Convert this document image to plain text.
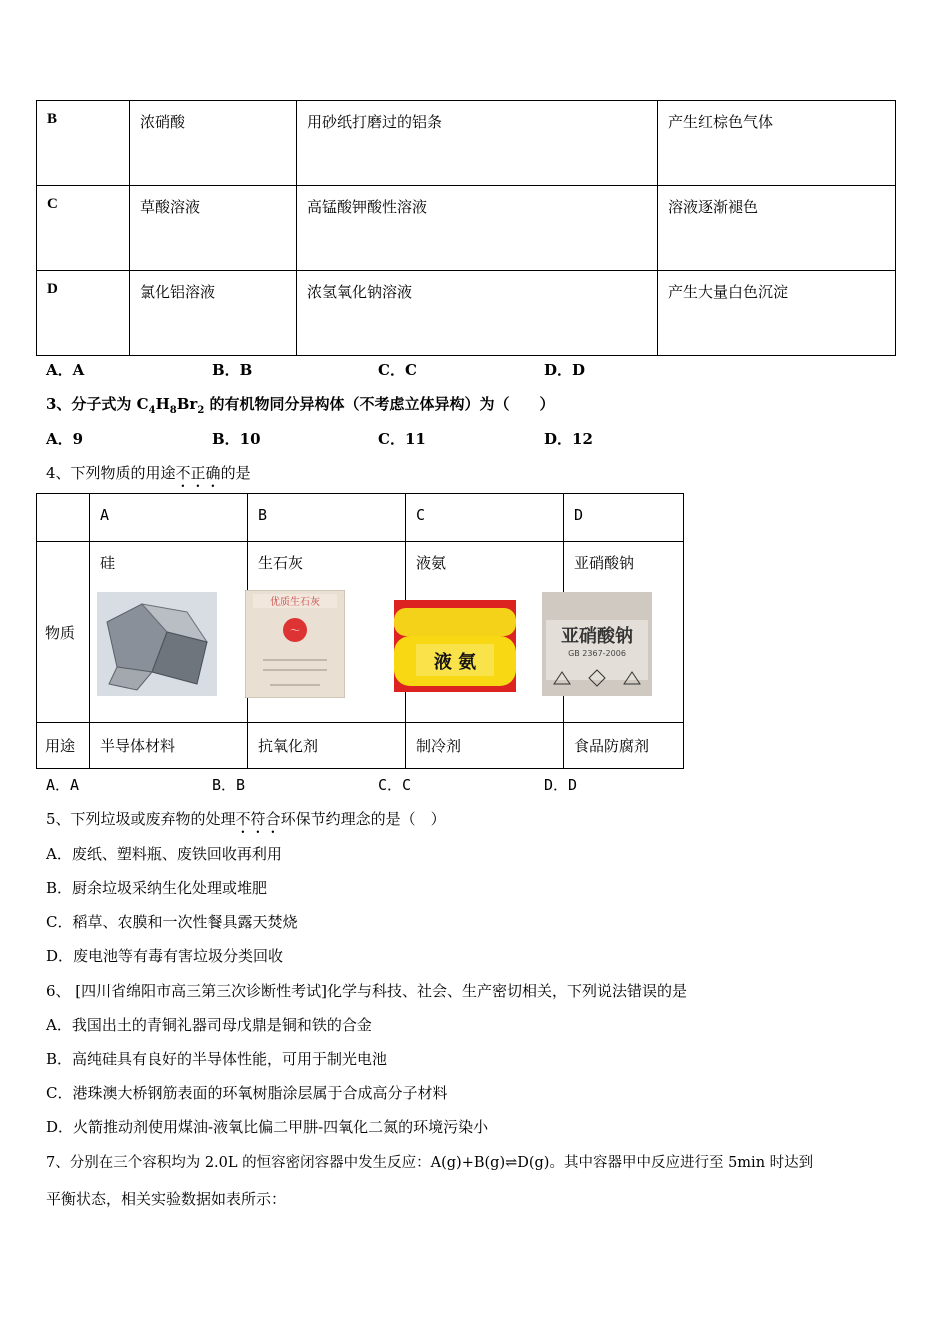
B	浓硝酸	用砂纸打磨过的铝条	产生红棕色气体
C	草酸溶液	高锰酸钾酸性溶液	溶液逐渐褪色
D	氯化铝溶液	浓氢氧化钠溶液	产生大量白色沉淀
A．A	B．B	C．C	D．D
3、分子式为 $C_4H_8Br_2$ 的有机物同分异构体（不考虑立体异构）为（　　）
A．9	B．10	C．11	D．12
4、下列物质的用途不正确的是
	A	B	C	D
物质	硅	生石灰	液氨	亚硝酸钠
用途	半导体材料	抗氧化剂	制冷剂	食品防腐剂
优质生石灰
〜
液 氨
亚硝酸钠
GB 2367-2006
A．A	B．B	C．C	D．D
5、下列垃圾或废弃物的处理不符合环保节约理念的是（　）
A．废纸、塑料瓶、废铁回收再利用
B．厨余垃圾采纳生化处理或堆肥
C．稻草、农膜和一次性餐具露天焚烧
D．废电池等有毒有害垃圾分类回收
6、 [四川省绵阳市高三第三次诊断性考试]化学与科技、社会、生产密切相关，下列说法错误的是
A．我国出土的青铜礼器司母戊鼎是铜和铁的合金
B．高纯硅具有良好的半导体性能，可用于制光电池
C．港珠澳大桥钢筋表面的环氧树脂涂层属于合成高分子材料
D．火箭推动剂使用煤油-液氧比偏二甲肼-四氧化二氮的环境污染小
7、分别在三个容积均为 2.0L 的恒容密闭容器中发生反应：A(g)+B(g)⇌D(g)。其中容器甲中反应进行至 5min 时达到
平衡状态，相关实验数据如表所示：
